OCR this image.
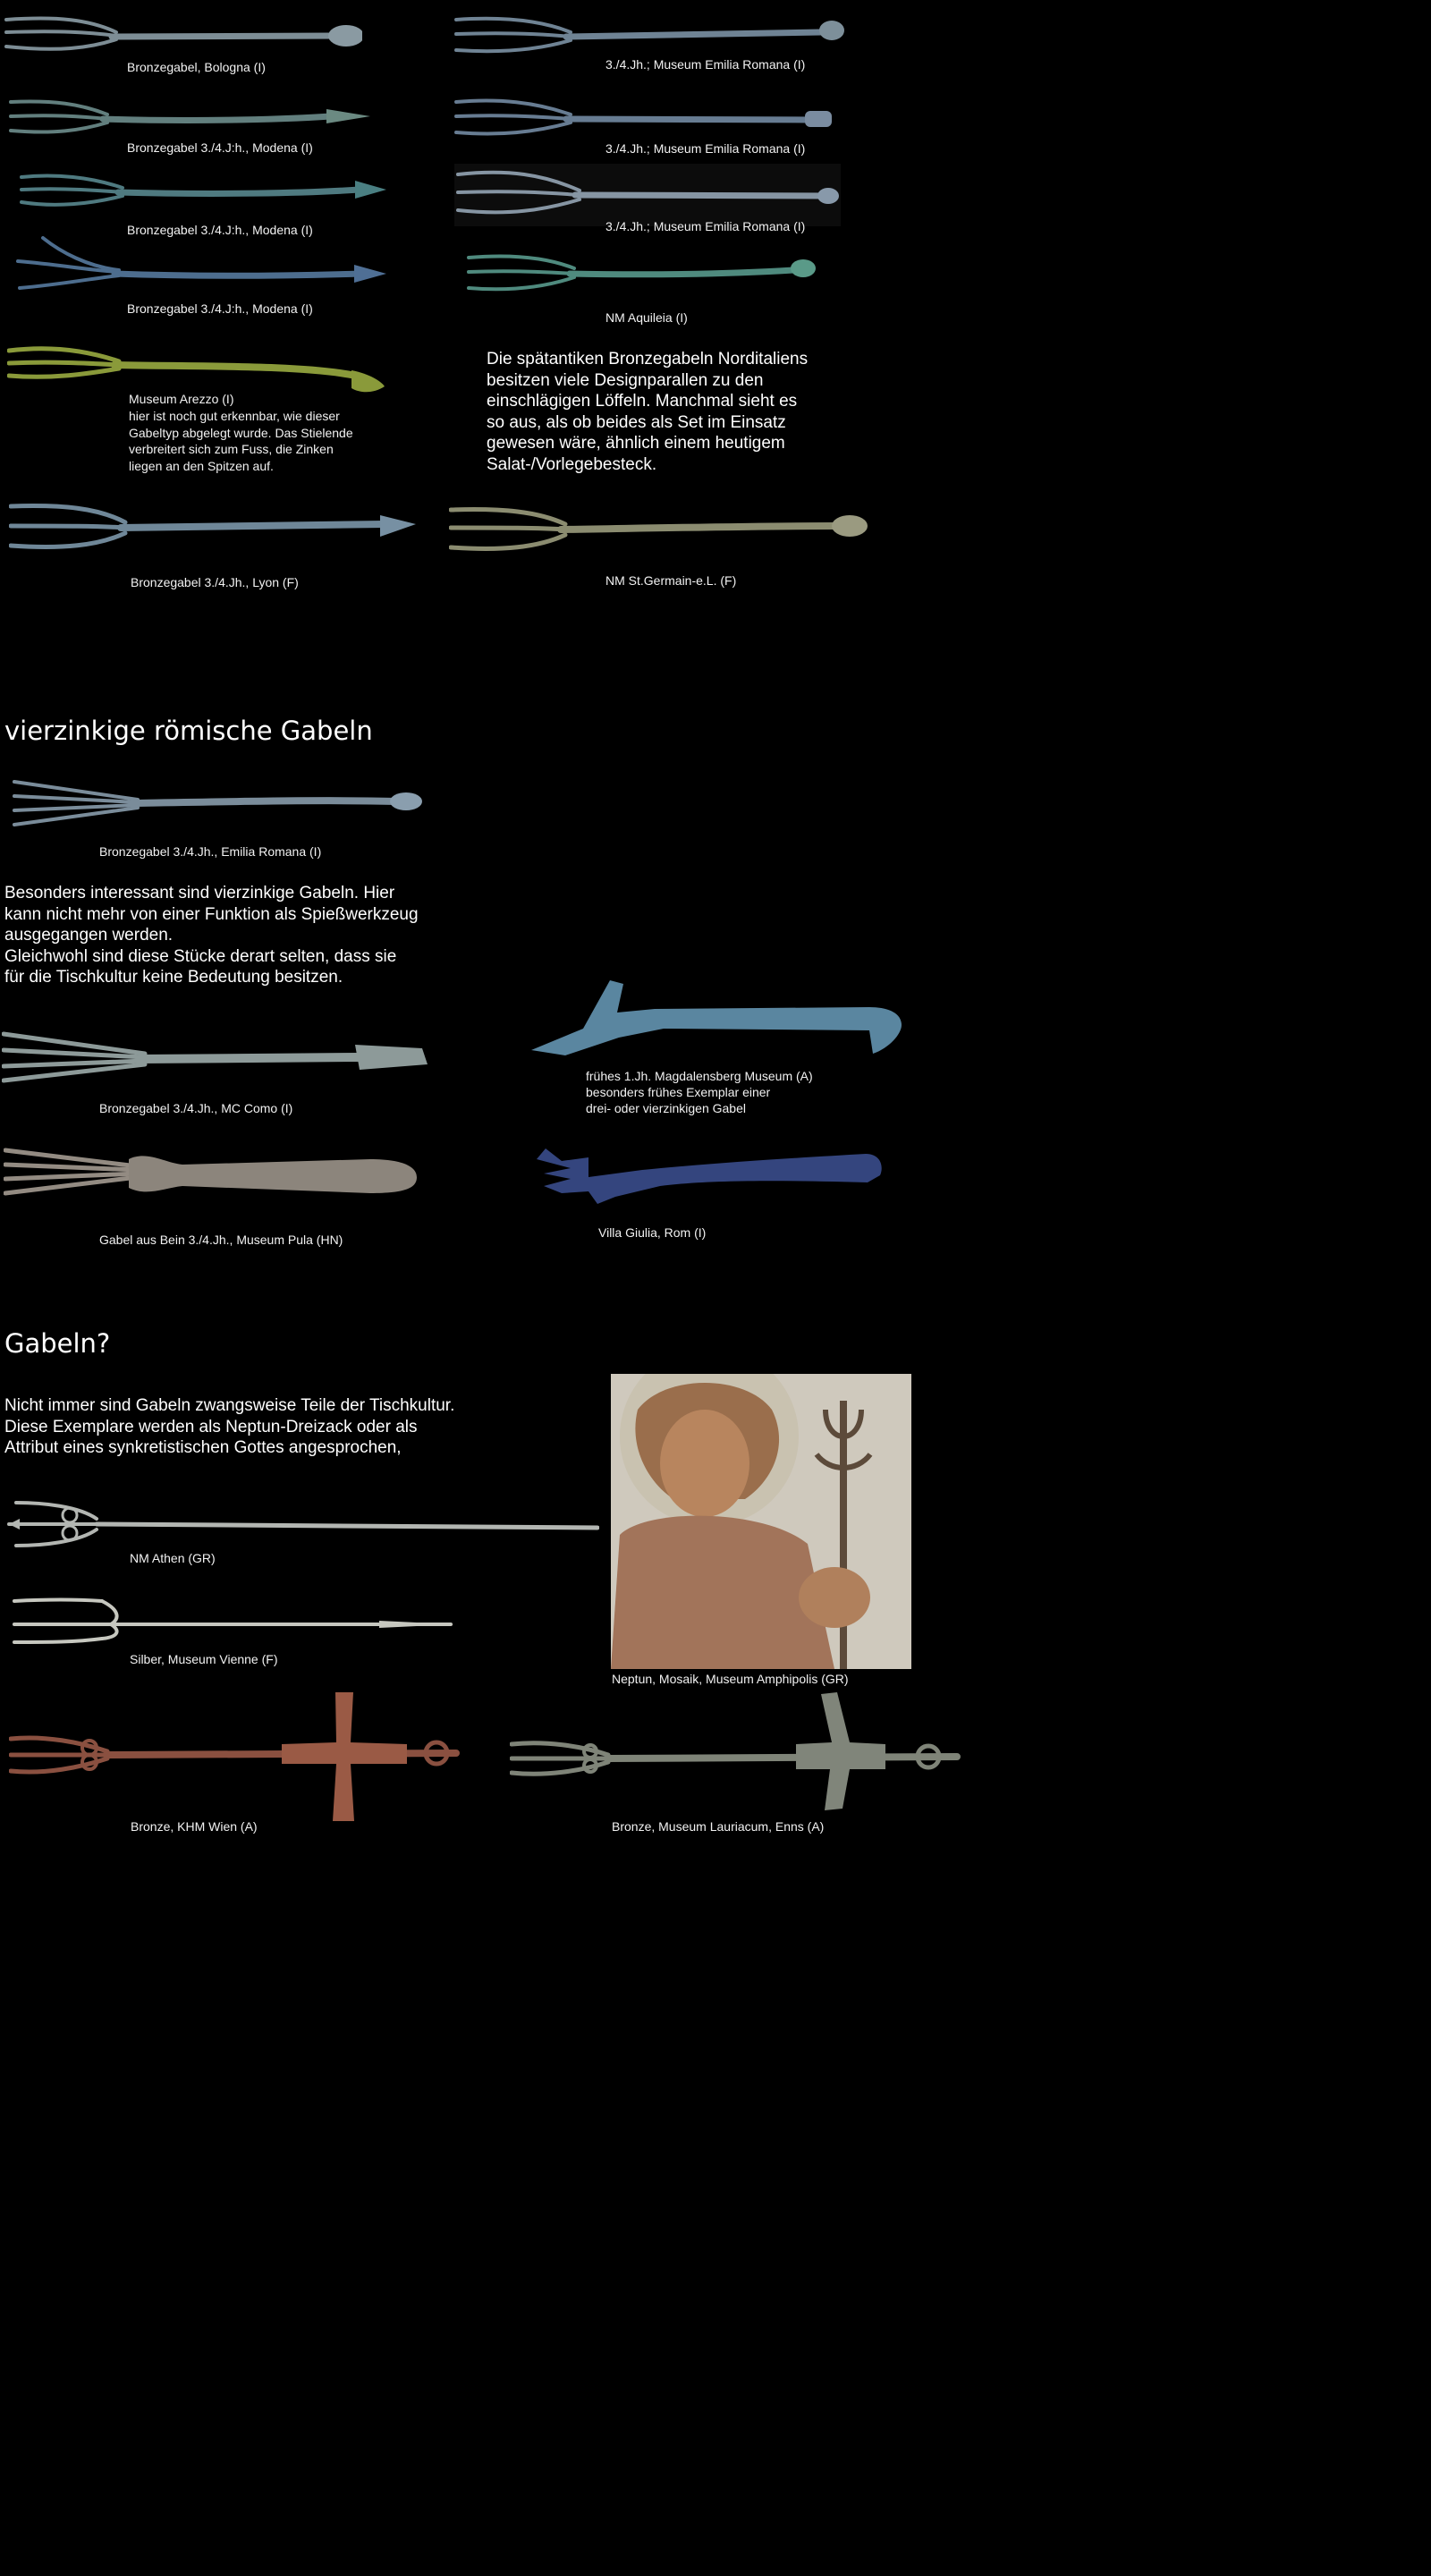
Bronzegabel, Bologna (I)	3./4.Jh.; Museum Emilia Romana (I)
Bronzegabel 3./4.J:h., Modena (I)	3./4.Jh.; Museum Emilia Romana (I)
Bronzegabel 3./4.J:h., Modena (I)	3./4.Jh.; Museum Emilia Romana (I)
Bronzegabel 3./4.J:h., Modena (I)
NM Aquileia (I)
Museum Arezzo (I)
hier ist noch gut erkennbar, wie dieser
Gabeltyp abgelegt wurde. Das Stielende
verbreitert sich zum Fuss, die Zinken
liegen an den Spitzen auf.
Die spätantiken Bronzegabeln Norditaliens
besitzen viele Designparallen zu den
einschlägigen Löffeln. Manchmal sieht es
so aus, als ob beides als Set im Einsatz
gewesen wäre, ähnlich einem heutigem
Salat-/Vorlegebesteck.
Bronzegabel 3./4.Jh., Lyon (F)	NM St.Germain-e.L. (F)
vierzinkige römische Gabeln
Bronzegabel 3./4.Jh., Emilia Romana (I)
Besonders interessant sind vierzinkige Gabeln. Hier
kann nicht mehr von einer Funktion als Spießwerkzeug
ausgegangen werden.
Gleichwohl sind diese Stücke derart selten, dass sie
für die Tischkultur keine Bedeutung besitzen.
Bronzegabel 3./4.Jh., MC Como (I)
frühes 1.Jh. Magdalensberg Museum (A)
besonders frühes Exemplar einer
drei- oder vierzinkigen Gabel
Gabel aus Bein 3./4.Jh., Museum Pula (HN)	Villa Giulia, Rom (I)
Gabeln?
Nicht immer sind Gabeln zwangsweise Teile der Tischkultur.
Diese Exemplare werden als Neptun-Dreizack oder als
Attribut eines synkretistischen Gottes angesprochen,
NM Athen (GR)
Silber, Museum Vienne (F)
Neptun, Mosaik, Museum Amphipolis (GR)
Bronze, KHM Wien (A)	Bronze, Museum Lauriacum, Enns (A)
